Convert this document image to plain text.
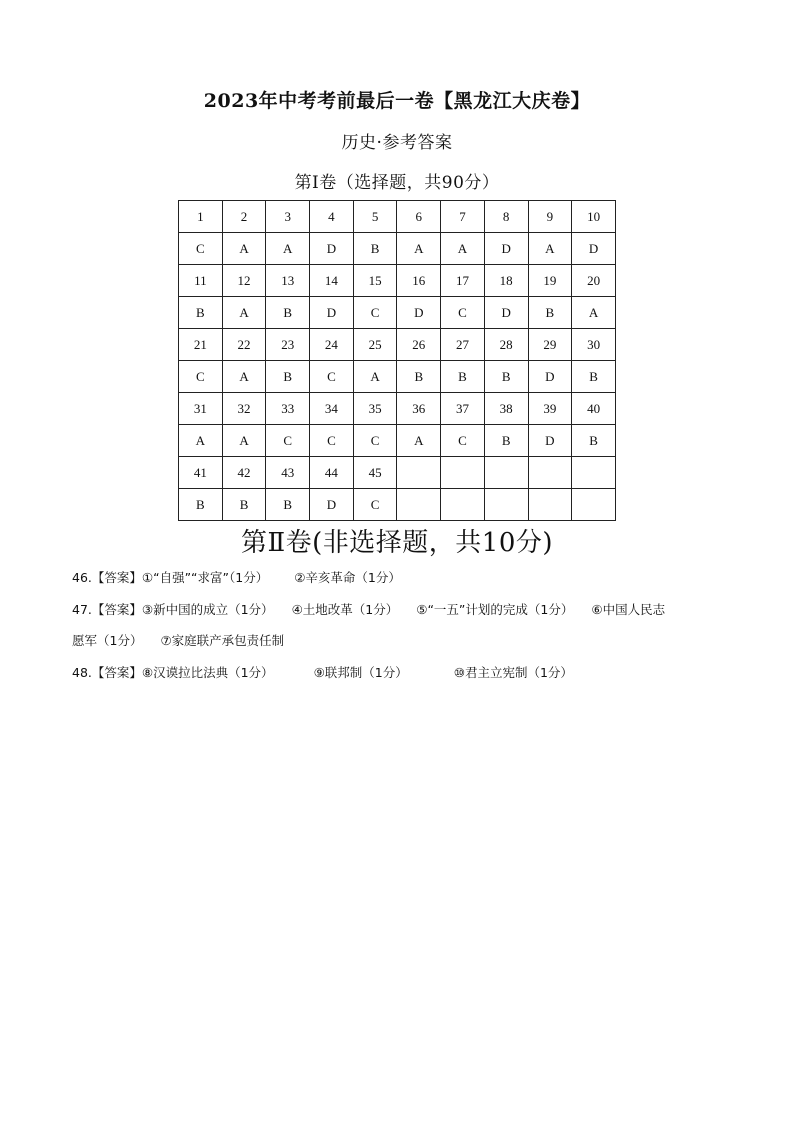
2023年中考考前最后一卷【黑龙江大庆卷】
历史·参考答案
第Ⅰ卷（选择题，共90分）
1	2	3	4	5	6	7	8	9	10
C	A	A	D	B	A	A	D	A	D
11	12	13	14	15	16	17	18	19	20
B	A	B	D	C	D	C	D	B	A
21	22	23	24	25	26	27	28	29	30
C	A	B	C	A	B	B	B	D	B
31	32	33	34	35	36	37	38	39	40
A	A	C	C	C	A	C	B	D	B
41	42	43	44	45					
B	B	B	D	C					
第Ⅱ卷(非选择题，共10分)
46.【答案】①“自强”“求富”（1分） ②辛亥革命（1分）
47.【答案】③新中国的成立（1分） ④土地改革（1分） ⑤“一五”计划的完成（1分） ⑥中国人民志
愿军（1分） ⑦家庭联产承包责任制
48.【答案】⑧汉谟拉比法典（1分）	⑨联邦制（1分）	⑩君主立宪制（1分）
